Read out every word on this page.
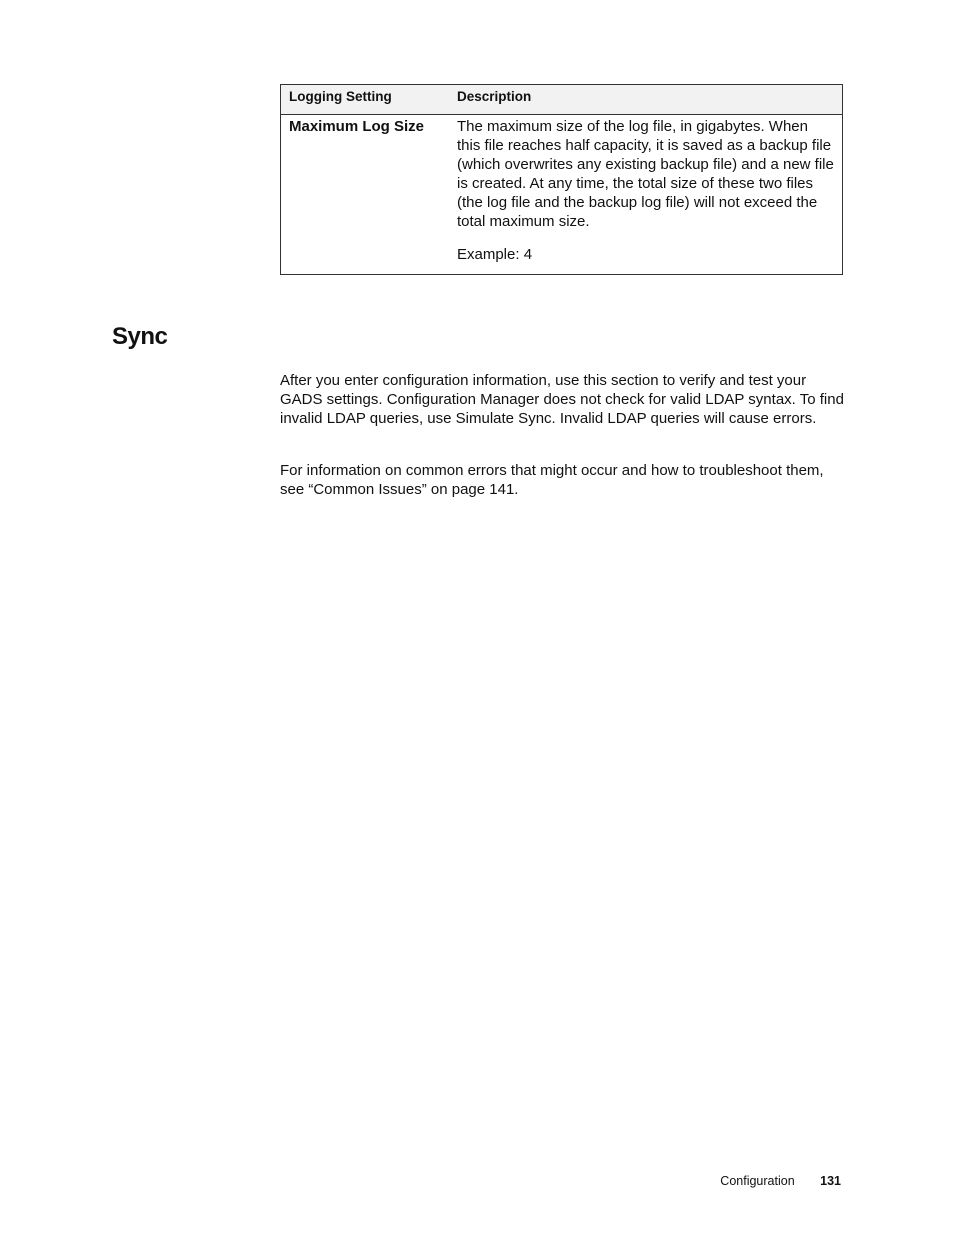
Logging Setting	Description
Maximum Log Size	The maximum size of the log file, in gigabytes. When this file reaches half capacity, it is saved as a backup file (which overwrites any existing backup file) and a new file is created. At any time, the total size of these two files (the log file and the backup log file) will not exceed the total maximum size.

Example: 4

Sync

After you enter configuration information, use this section to verify and test your GADS settings. Configuration Manager does not check for valid LDAP syntax. To find invalid LDAP queries, use Simulate Sync. Invalid LDAP queries will cause errors.

For information on common errors that might occur and how to troubleshoot them, see “Common Issues” on page 141.

Configuration 131
